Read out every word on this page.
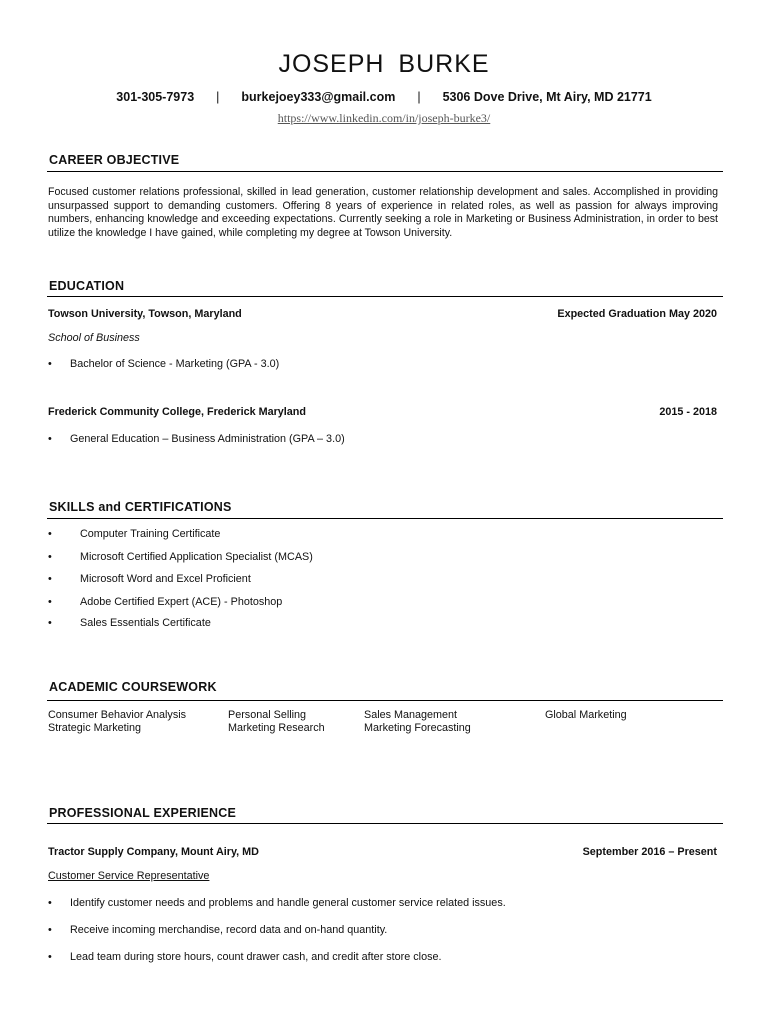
JOSEPH BURKE
301-305-7973 | burkejoey333@gmail.com | 5306 Dove Drive, Mt Airy, MD 21771
https://www.linkedin.com/in/joseph-burke3/
CAREER OBJECTIVE

Focused customer relations professional, skilled in lead generation, customer relationship development and sales. Accomplished in providing unsurpassed support to demanding customers. Offering 8 years of experience in related roles, as well as passion for always improving numbers, enhancing knowledge and exceeding expectations. Currently seeking a role in Marketing or Business Administration, in order to best utilize the knowledge I have gained, while completing my degree at Towson University.

EDUCATION
Towson University, Towson, Maryland	Expected Graduation May 2020
School of Business
• Bachelor of Science - Marketing (GPA - 3.0)
Frederick Community College, Frederick Maryland	2015 - 2018
• General Education – Business Administration (GPA – 3.0)
SKILLS and CERTIFICATIONS
•	Computer Training Certificate
•	Microsoft Certified Application Specialist (MCAS)
•	Microsoft Word and Excel Proficient
•	Adobe Certified Expert (ACE) - Photoshop
•	Sales Essentials Certificate
ACADEMIC COURSEWORK
Consumer Behavior Analysis	Personal Selling	Sales Management	Global Marketing
Strategic Marketing	Marketing Research	Marketing Forecasting
PROFESSIONAL EXPERIENCE
Tractor Supply Company, Mount Airy, MD	September 2016 – Present
Customer Service Representative
• Identify customer needs and problems and handle general customer service related issues.
• Receive incoming merchandise, record data and on-hand quantity.
• Lead team during store hours, count drawer cash, and credit after store close.
